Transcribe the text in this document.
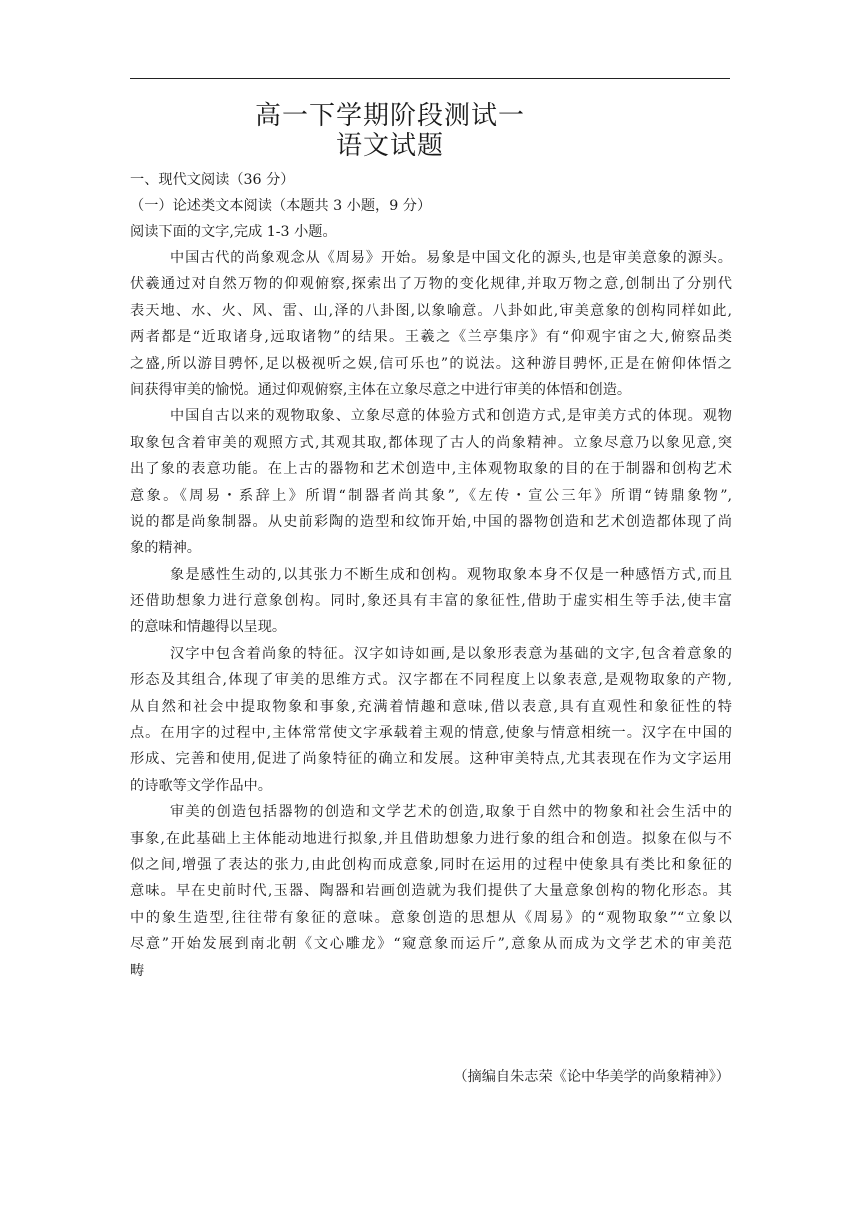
高一下学期阶段测试一
语文试题
一、现代文阅读（36 分）
（一）论述类文本阅读（本题共 3 小题，9 分）
阅读下面的文字,完成 1-3 小题。
中国古代的尚象观念从《周易》开始。易象是中国文化的源头,也是审美意象的源头。
伏羲通过对自然万物的仰观俯察,探索出了万物的变化规律,并取万物之意,创制出了分别代
表天地、水、火、风、雷、山,泽的八卦图,以象喻意。八卦如此,审美意象的创构同样如此,
两者都是“近取诸身,远取诸物”的结果。王羲之《兰亭集序》有“仰观宇宙之大,俯察品类
之盛,所以游目骋怀,足以极视听之娱,信可乐也”的说法。这种游目骋怀,正是在俯仰体悟之
间获得审美的愉悦。通过仰观俯察,主体在立象尽意之中进行审美的体悟和创造。
中国自古以来的观物取象、立象尽意的体验方式和创造方式,是审美方式的体现。观物
取象包含着审美的观照方式,其观其取,都体现了古人的尚象精神。立象尽意乃以象见意,突
出了象的表意功能。在上古的器物和艺术创造中,主体观物取象的目的在于制器和创构艺术
意象。《周易・系辞上》所谓“制器者尚其象”,《左传・宣公三年》所谓“铸鼎象物”,
说的都是尚象制器。从史前彩陶的造型和纹饰开始,中国的器物创造和艺术创造都体现了尚
象的精神。
象是感性生动的,以其张力不断生成和创构。观物取象本身不仅是一种感悟方式,而且
还借助想象力进行意象创构。同时,象还具有丰富的象征性,借助于虚实相生等手法,使丰富
的意味和情趣得以呈现。
汉字中包含着尚象的特征。汉字如诗如画,是以象形表意为基础的文字,包含着意象的
形态及其组合,体现了审美的思维方式。汉字都在不同程度上以象表意,是观物取象的产物,
从自然和社会中提取物象和事象,充满着情趣和意味,借以表意,具有直观性和象征性的特
点。在用字的过程中,主体常常使文字承载着主观的情意,使象与情意相统一。汉字在中国的
形成、完善和使用,促进了尚象特征的确立和发展。这种审美特点,尤其表现在作为文字运用
的诗歌等文学作品中。
审美的创造包括器物的创造和文学艺术的创造,取象于自然中的物象和社会生活中的
事象,在此基础上主体能动地进行拟象,并且借助想象力进行象的组合和创造。拟象在似与不
似之间,增强了表达的张力,由此创构而成意象,同时在运用的过程中使象具有类比和象征的
意味。早在史前时代,玉器、陶器和岩画创造就为我们提供了大量意象创构的物化形态。其
中的象生造型,往往带有象征的意味。意象创造的思想从《周易》的“观物取象”“立象以
尽意”开始发展到南北朝《文心雕龙》“窥意象而运斤”,意象从而成为文学艺术的审美范
畴
（摘编自朱志荣《论中华美学的尚象精神》）
